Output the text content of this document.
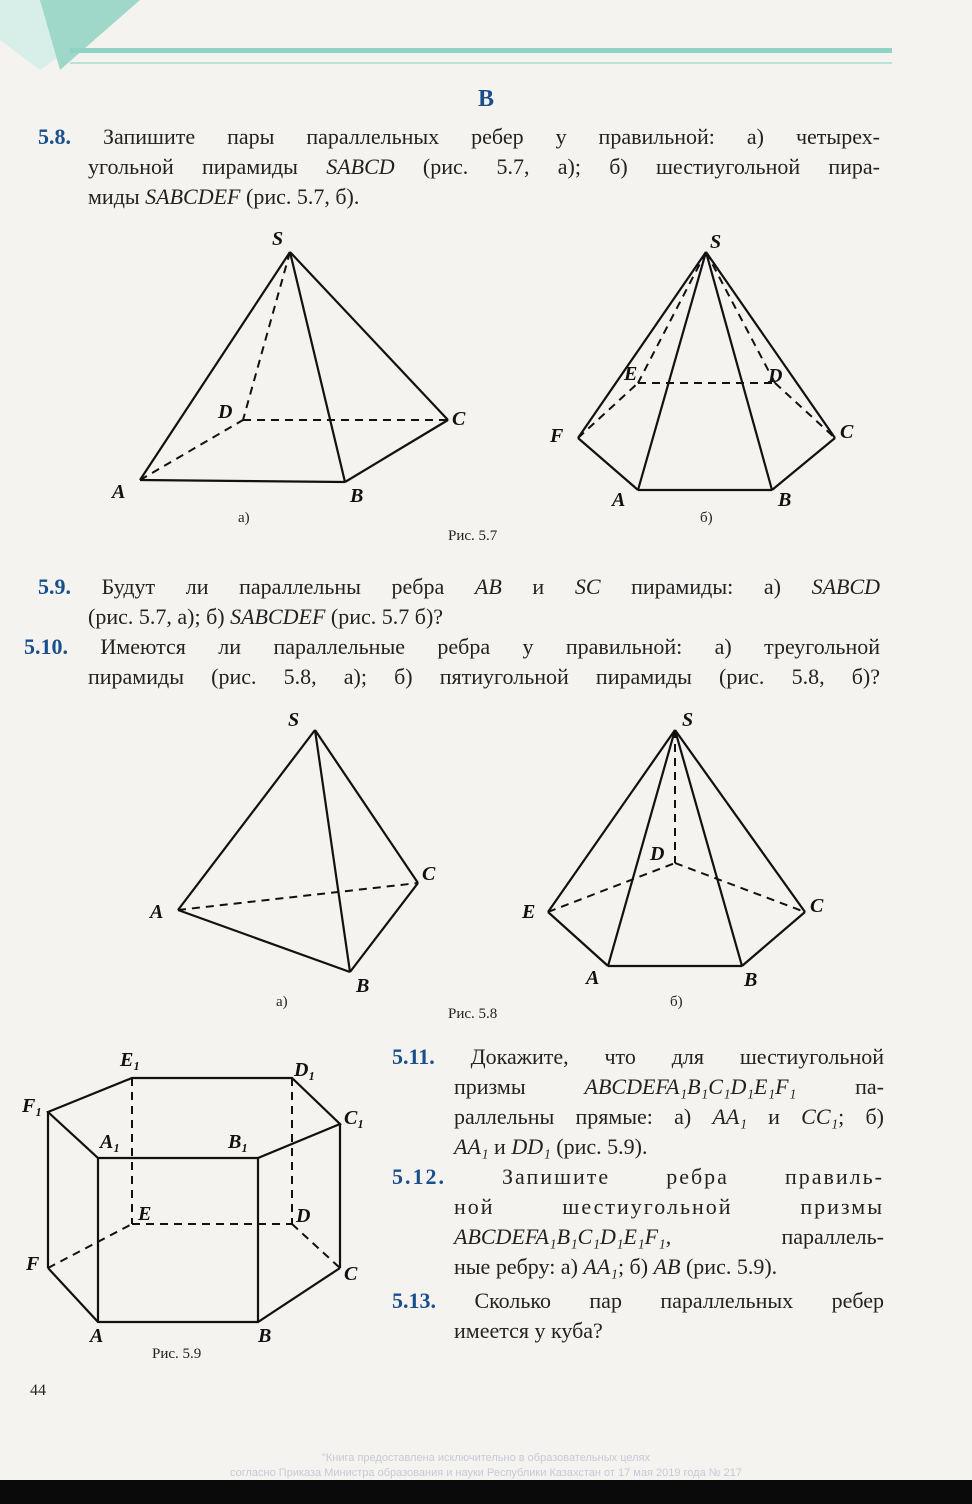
В
5.8. Запишите пары параллельных ребер у правильной: а) четырех-
угольной пирамиды SABCD (рис. 5.7, а); б) шестиугольной пира-
миды SABCDEF (рис. 5.7, б).
S
A	B
C
D
а)
S
A	B
C
D
E
F
б)
Рис. 5.7
5.9. Будут ли параллельны ребра AB и SC пирамиды: а) SABCD
(рис. 5.7, а); б) SABCDEF (рис. 5.7 б)?
5.10. Имеются ли параллельные ребра у правильной: а) треугольной
пирамиды (рис. 5.8, а); б) пятиугольной пирамиды (рис. 5.8, б)?
S
A
B
C
а)
S
A	B
C
D
E
б)
Рис. 5.8
E₁	D₁
F₁
C₁
A₁	B₁
E	D
F	C
A	B
Рис. 5.9
5.11. Докажите, что для шестиугольной
призмы ABCDEFA₁B₁C₁D₁E₁F₁ па-
раллельны прямые: а) AA₁ и CC₁; б)
AA₁ и DD₁ (рис. 5.9).
5.12.	Запишите ребра правиль-
ной шестиугольной призмы
ABCDEFA₁B₁C₁D₁E₁F₁, параллель-
ные ребру: а) AA₁; б) AB (рис. 5.9).
5.13. Сколько пар параллельных ребер
имеется у куба?
44
"Книга предоставлена исключительно в образовательных целях
согласно Приказа Министра образования и науки Республики Казахстан от 17 мая 2019 года № 217
